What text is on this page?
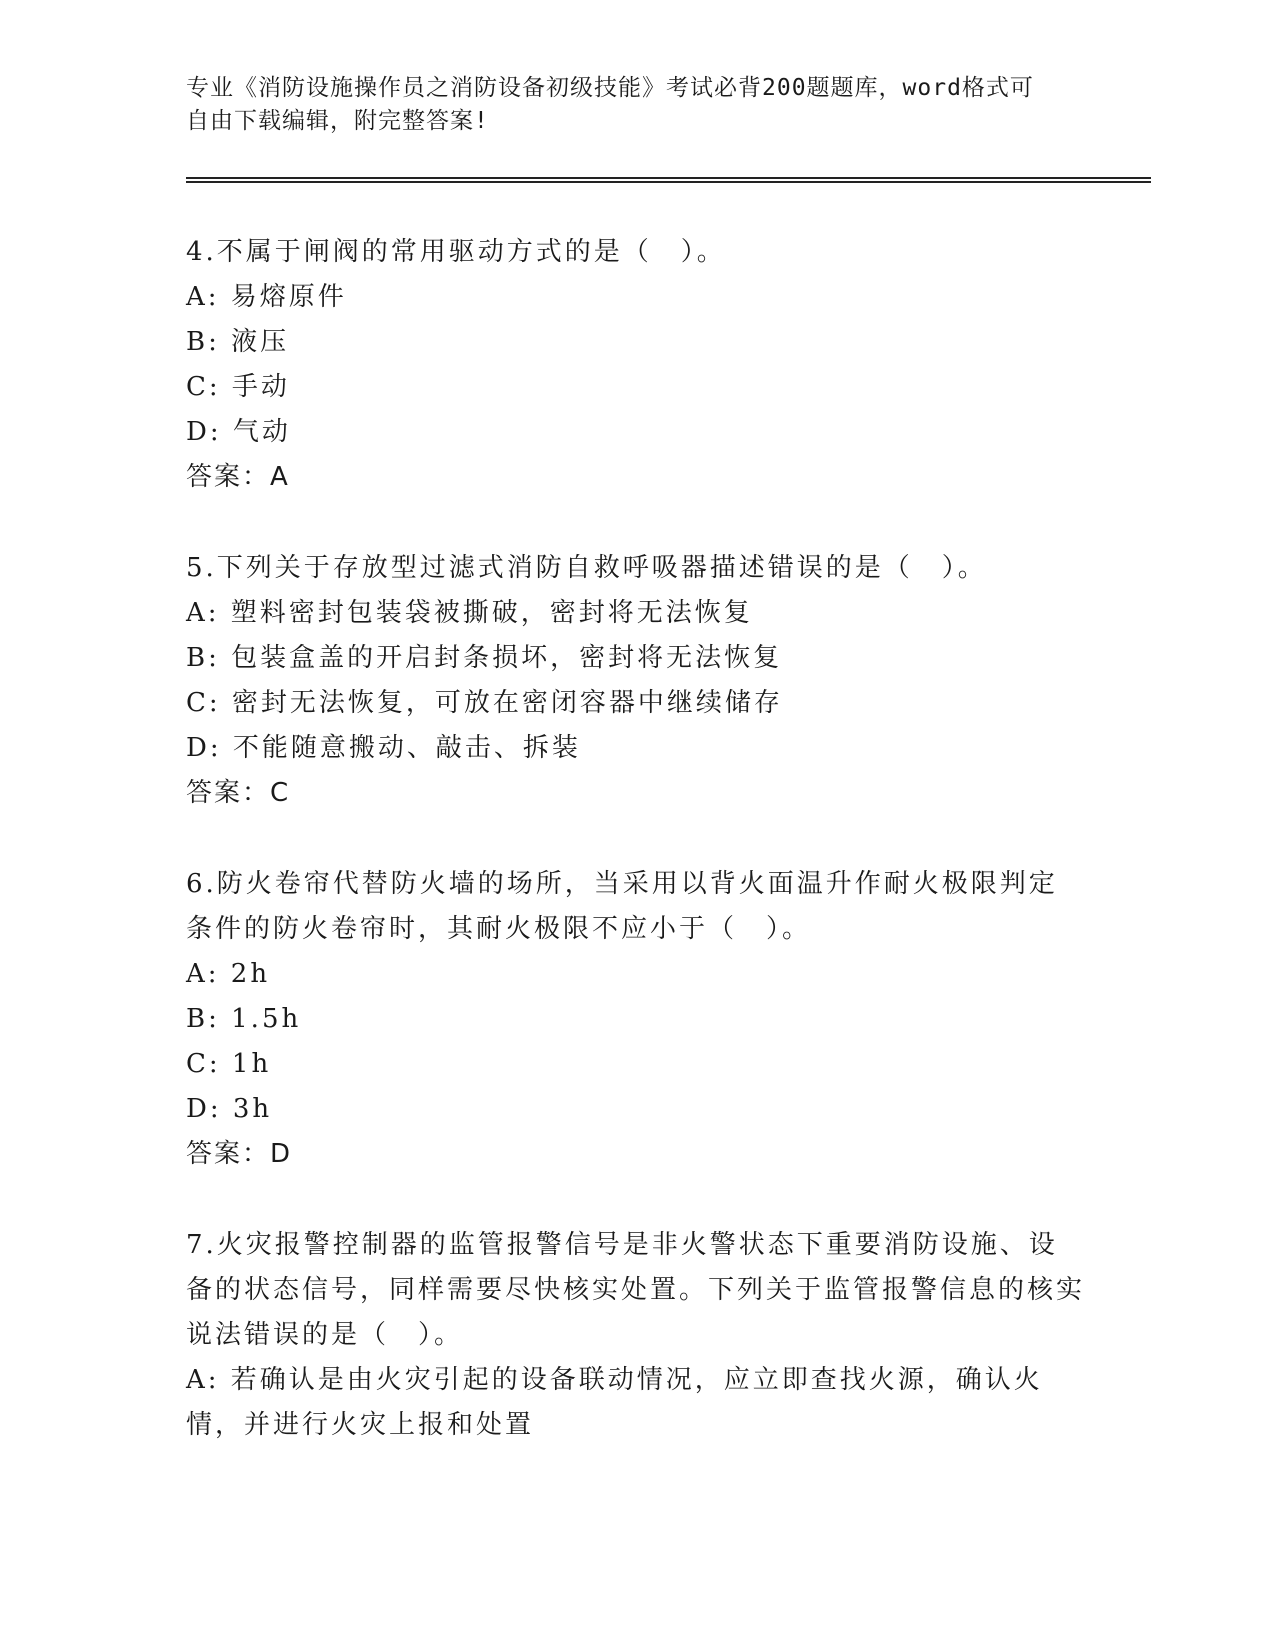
专业《消防设施操作员之消防设备初级技能》考试必背200题题库，word格式可

自由下载编辑，附完整答案!

4.不属于闸阀的常用驱动方式的是（　）。

A: 易熔原件

B: 液压

C: 手动

D: 气动

答案：A

5.下列关于存放型过滤式消防自救呼吸器描述错误的是（　）。

A: 塑料密封包装袋被撕破，密封将无法恢复

B: 包装盒盖的开启封条损坏，密封将无法恢复

C: 密封无法恢复，可放在密闭容器中继续储存

D: 不能随意搬动、敲击、拆装

答案：C

6.防火卷帘代替防火墙的场所，当采用以背火面温升作耐火极限判定条件的防火卷帘时，其耐火极限不应小于（　）。

A: 2h

B: 1.5h

C: 1h

D: 3h

答案：D

7.火灾报警控制器的监管报警信号是非火警状态下重要消防设施、设备的状态信号，同样需要尽快核实处置。下列关于监管报警信息的核实说法错误的是（　）。

A: 若确认是由火灾引起的设备联动情况，应立即查找火源，确认火情，并进行火灾上报和处置
